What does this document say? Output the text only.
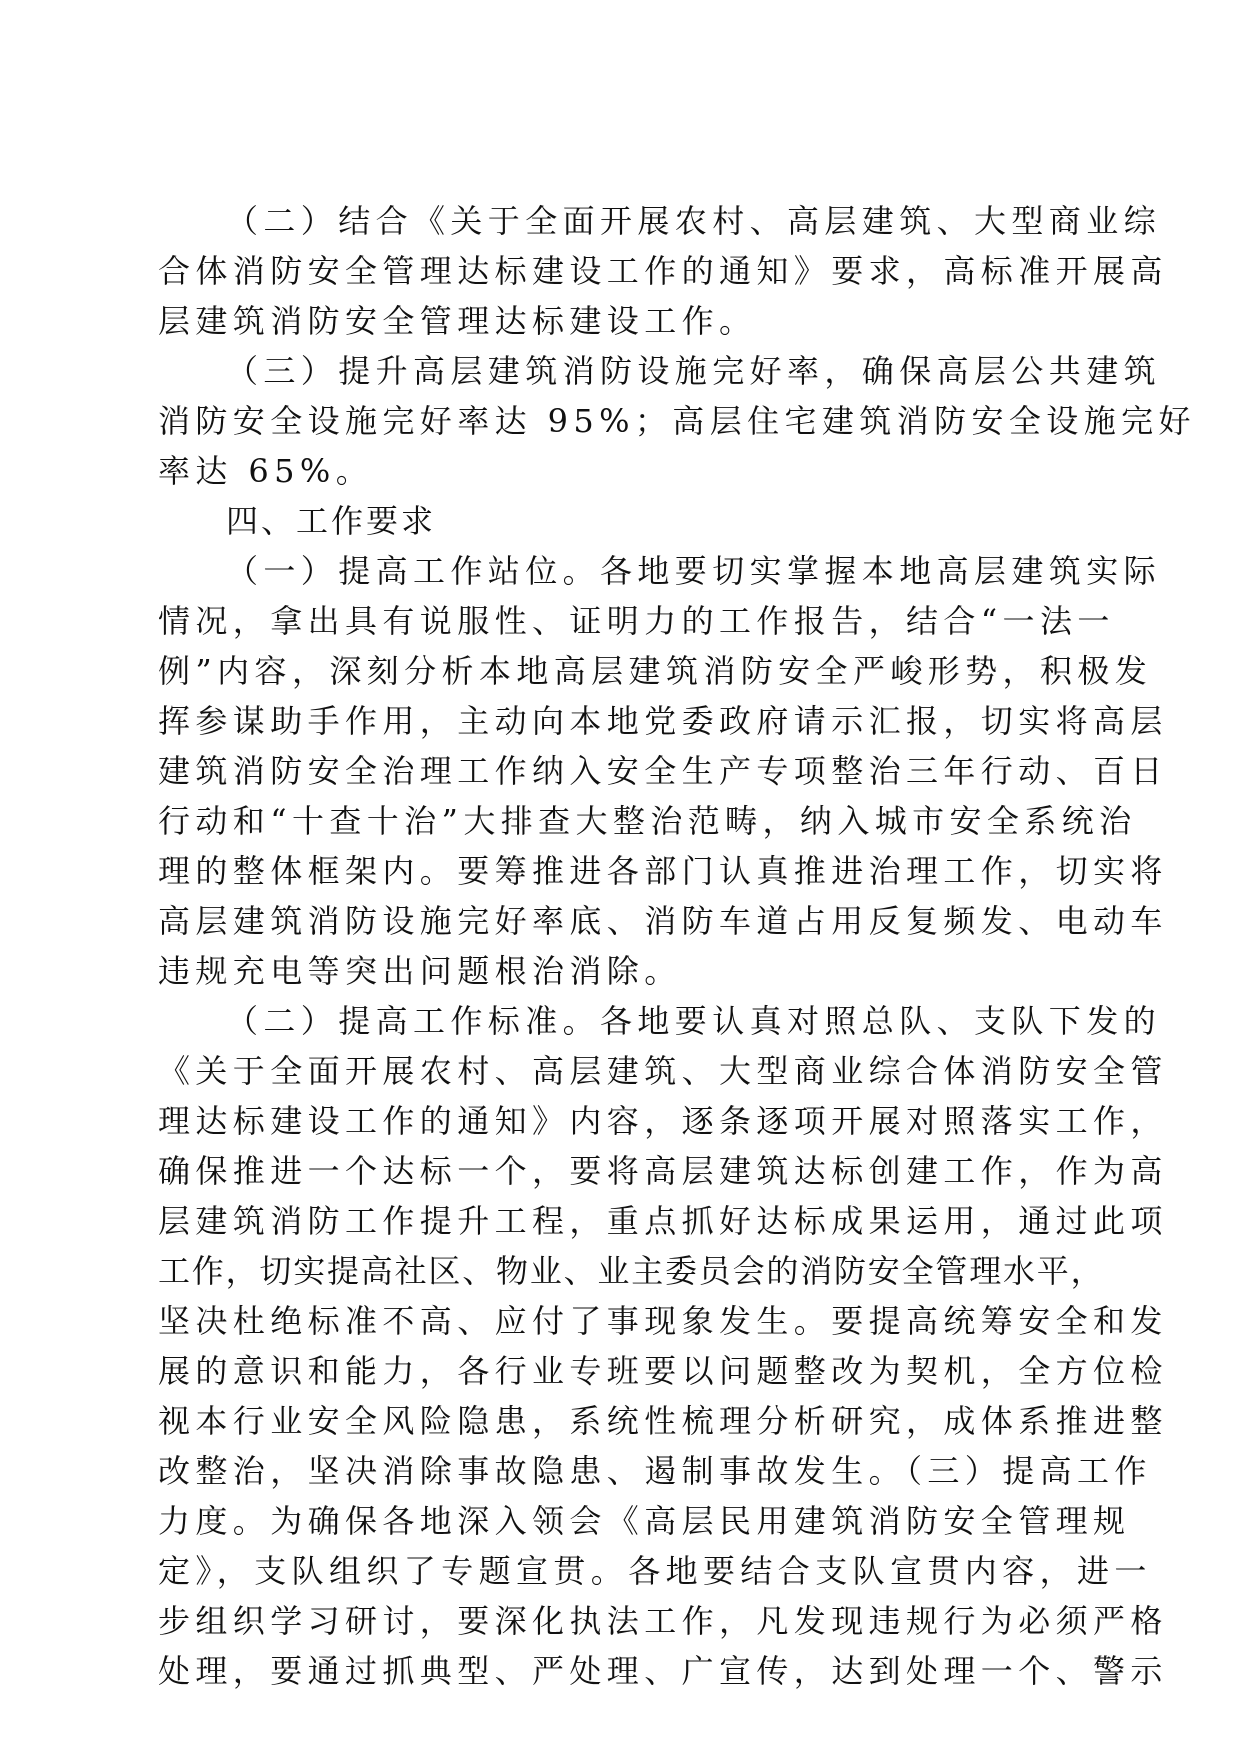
（二）结合《关于全面开展农村、高层建筑、大型商业综
合体消防安全管理达标建设工作的通知》要求，高标准开展高
层建筑消防安全管理达标建设工作。
（三）提升高层建筑消防设施完好率，确保高层公共建筑
消防安全设施完好率达 95%；高层住宅建筑消防安全设施完好
率达 65%。
四、工作要求
（一）提高工作站位。各地要切实掌握本地高层建筑实际
情况，拿出具有说服性、证明力的工作报告，结合“一法一
例”内容，深刻分析本地高层建筑消防安全严峻形势，积极发
挥参谋助手作用，主动向本地党委政府请示汇报，切实将高层
建筑消防安全治理工作纳入安全生产专项整治三年行动、百日
行动和“十查十治”大排查大整治范畴，纳入城市安全系统治
理的整体框架内。要筹推进各部门认真推进治理工作，切实将
高层建筑消防设施完好率底、消防车道占用反复频发、电动车
违规充电等突出问题根治消除。
（二）提高工作标准。各地要认真对照总队、支队下发的
《关于全面开展农村、高层建筑、大型商业综合体消防安全管
理达标建设工作的通知》内容，逐条逐项开展对照落实工作，
确保推进一个达标一个，要将高层建筑达标创建工作，作为高
层建筑消防工作提升工程，重点抓好达标成果运用，通过此项
工作，切实提高社区、物业、业主委员会的消防安全管理水平，
坚决杜绝标准不高、应付了事现象发生。要提高统筹安全和发
展的意识和能力，各行业专班要以问题整改为契机，全方位检
视本行业安全风险隐患，系统性梳理分析研究，成体系推进整
改整治，坚决消除事故隐患、遏制事故发生。（三）提高工作
力度。为确保各地深入领会《高层民用建筑消防安全管理规
定》，支队组织了专题宣贯。各地要结合支队宣贯内容，进一
步组织学习研讨，要深化执法工作，凡发现违规行为必须严格
处理，要通过抓典型、严处理、广宣传，达到处理一个、警示
